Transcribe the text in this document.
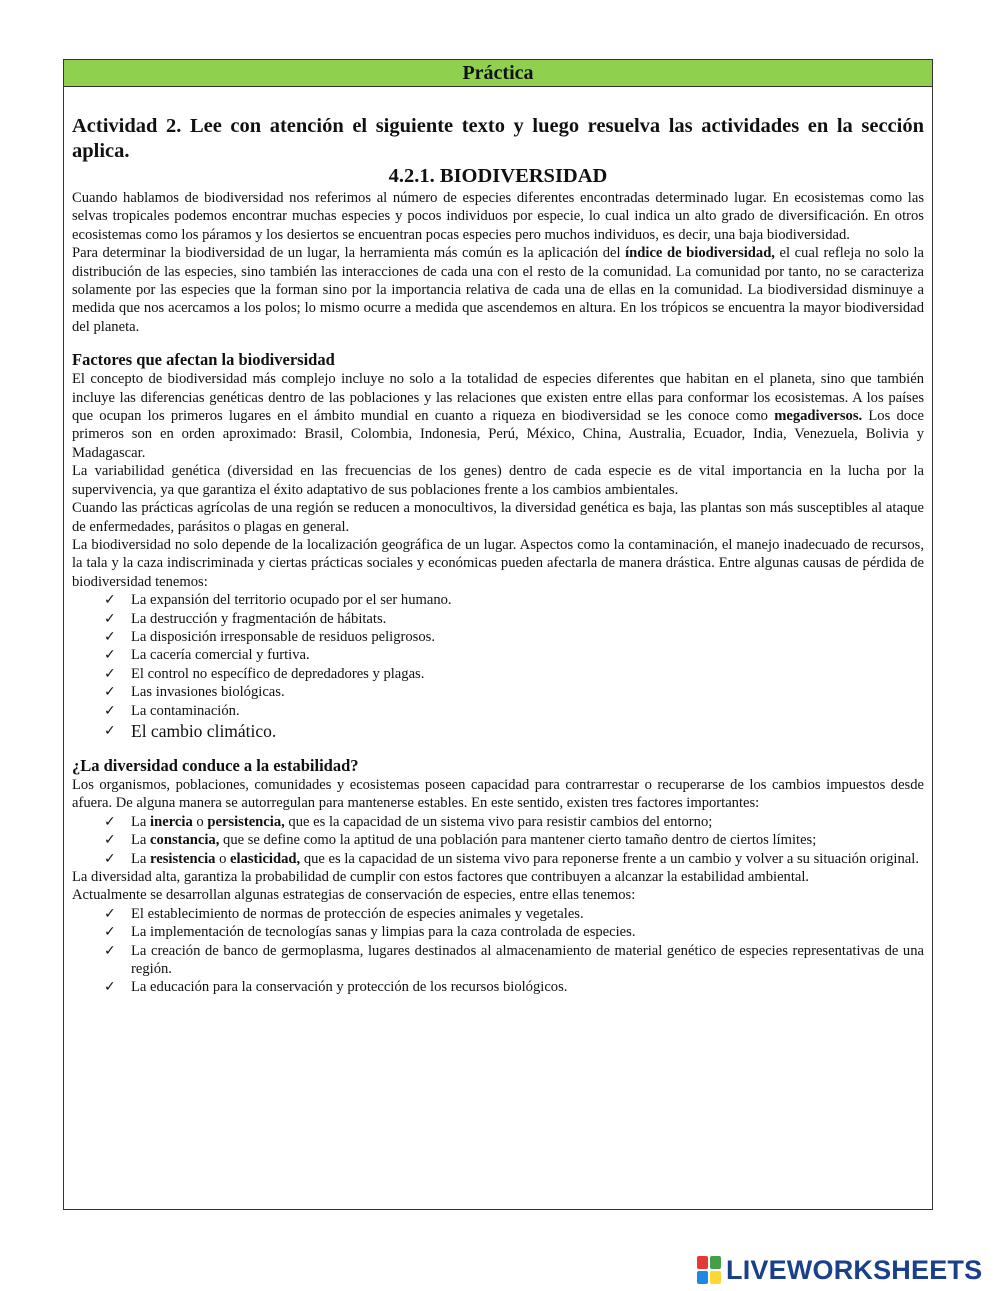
Práctica

Actividad 2. Lee con atención el siguiente texto y luego resuelva las actividades en la sección aplica.

4.2.1. BIODIVERSIDAD

Cuando hablamos de biodiversidad nos referimos al número de especies diferentes encontradas determinado lugar. En ecosistemas como las selvas tropicales podemos encontrar muchas especies y pocos individuos por especie, lo cual indica un alto grado de diversificación. En otros ecosistemas como los páramos y los desiertos se encuentran pocas especies pero muchos individuos, es decir, una baja biodiversidad.

Para determinar la biodiversidad de un lugar, la herramienta más común es la aplicación del índice de biodiversidad, el cual refleja no solo la distribución de las especies, sino también las interacciones de cada una con el resto de la comunidad. La comunidad por tanto, no se caracteriza solamente por las especies que la forman sino por la importancia relativa de cada una de ellas en la comunidad. La biodiversidad disminuye a medida que nos acercamos a los polos; lo mismo ocurre a medida que ascendemos en altura. En los trópicos se encuentra la mayor biodiversidad del planeta.

Factores que afectan la biodiversidad

El concepto de biodiversidad más complejo incluye no solo a la totalidad de especies diferentes que habitan en el planeta, sino que también incluye las diferencias genéticas dentro de las poblaciones y las relaciones que existen entre ellas para conformar los ecosistemas. A los países que ocupan los primeros lugares en el ámbito mundial en cuanto a riqueza en biodiversidad se les conoce como megadiversos. Los doce primeros son en orden aproximado: Brasil, Colombia, Indonesia, Perú, México, China, Australia, Ecuador, India, Venezuela, Bolivia y Madagascar.

La variabilidad genética (diversidad en las frecuencias de los genes) dentro de cada especie es de vital importancia en la lucha por la supervivencia, ya que garantiza el éxito adaptativo de sus poblaciones frente a los cambios ambientales.

Cuando las prácticas agrícolas de una región se reducen a monocultivos, la diversidad genética es baja, las plantas son más susceptibles al ataque de enfermedades, parásitos o plagas en general.

La biodiversidad no solo depende de la localización geográfica de un lugar. Aspectos como la contaminación, el manejo inadecuado de recursos, la tala y la caza indiscriminada y ciertas prácticas sociales y económicas pueden afectarla de manera drástica. Entre algunas causas de pérdida de biodiversidad tenemos:

✓ La expansión del territorio ocupado por el ser humano.
✓ La destrucción y fragmentación de hábitats.
✓ La disposición irresponsable de residuos peligrosos.
✓ La cacería comercial y furtiva.
✓ El control no específico de depredadores y plagas.
✓ Las invasiones biológicas.
✓ La contaminación.
✓ El cambio climático.
¿La diversidad conduce a la estabilidad?

Los organismos, poblaciones, comunidades y ecosistemas poseen capacidad para contrarrestar o recuperarse de los cambios impuestos desde afuera. De alguna manera se autorregulan para mantenerse estables. En este sentido, existen tres factores importantes:

✓ La inercia o persistencia, que es la capacidad de un sistema vivo para resistir cambios del entorno;
✓ La constancia, que se define como la aptitud de una población para mantener cierto tamaño dentro de ciertos límites;
✓ La resistencia o elasticidad, que es la capacidad de un sistema vivo para reponerse frente a un cambio y volver a su situación original.

La diversidad alta, garantiza la probabilidad de cumplir con estos factores que contribuyen a alcanzar la estabilidad ambiental.

Actualmente se desarrollan algunas estrategias de conservación de especies, entre ellas tenemos:

✓ El establecimiento de normas de protección de especies animales y vegetales.
✓ La implementación de tecnologías sanas y limpias para la caza controlada de especies.
✓ La creación de banco de germoplasma, lugares destinados al almacenamiento de material genético de especies representativas de una región.
✓ La educación para la conservación y protección de los recursos biológicos.
LIVEWORKSHEETS
